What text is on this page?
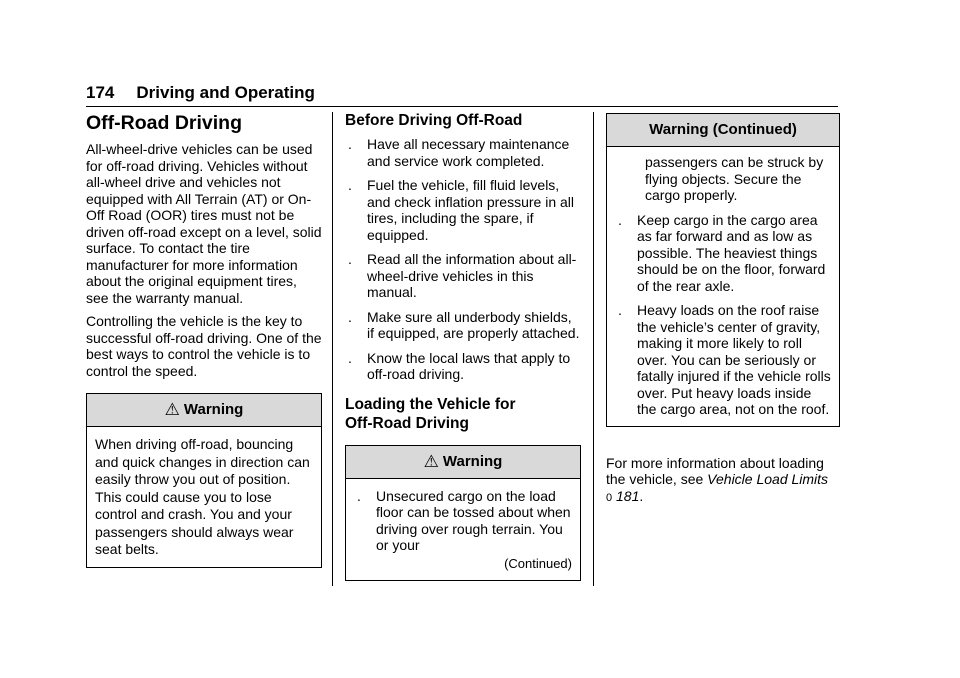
174 Driving and Operating
Off-Road Driving

All-wheel-drive vehicles can be used for off-road driving. Vehicles without all-wheel drive and vehicles not equipped with All Terrain (AT) or On-Off Road (OOR) tires must not be driven off-road except on a level, solid surface. To contact the tire manufacturer for more information about the original equipment tires, see the warranty manual.

Controlling the vehicle is the key to successful off-road driving. One of the best ways to control the vehicle is to control the speed.

⚠ Warning

When driving off-road, bouncing and quick changes in direction can easily throw you out of position. This could cause you to lose control and crash. You and your passengers should always wear seat belts.

Before Driving Off-Road
. Have all necessary maintenance and service work completed.
. Fuel the vehicle, fill fluid levels, and check inflation pressure in all tires, including the spare, if equipped.
. Read all the information about all-wheel-drive vehicles in this manual.
. Make sure all underbody shields, if equipped, are properly attached.
. Know the local laws that apply to off-road driving.
Loading the Vehicle for
Off-Road Driving
⚠ Warning
. Unsecured cargo on the load floor can be tossed about when driving over rough terrain. You or your
(Continued)
Warning (Continued)
passengers can be struck by flying objects. Secure the cargo properly.
. Keep cargo in the cargo area as far forward and as low as possible. The heaviest things should be on the floor, forward of the rear axle.
. Heavy loads on the roof raise the vehicle’s center of gravity, making it more likely to roll over. You can be seriously or fatally injured if the vehicle rolls over. Put heavy loads inside the cargo area, not on the roof.

For more information about loading the vehicle, see Vehicle Load Limits
0 181.
